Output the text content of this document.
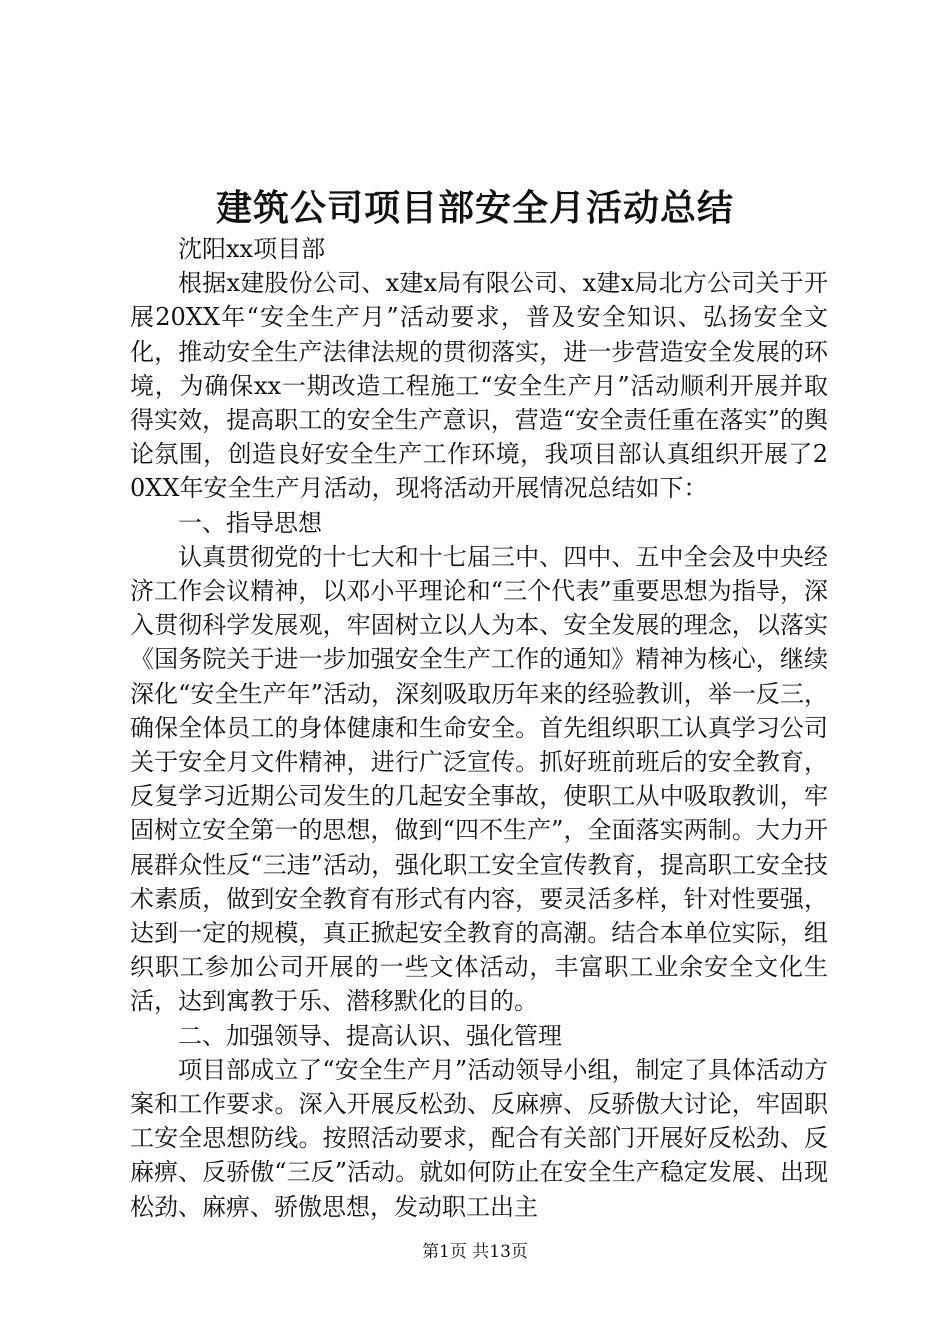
建筑公司项目部安全月活动总结

沈阳xx项目部

根据x建股份公司、x建x局有限公司、x建x局北方公司关于开展20XX年“安全生产月”活动要求，普及安全知识、弘扬安全文化，推动安全生产法律法规的贯彻落实，进一步营造安全发展的环境，为确保xx一期改造工程施工“安全生产月”活动顺利开展并取得实效，提高职工的安全生产意识，营造“安全责任重在落实”的舆论氛围，创造良好安全生产工作环境，我项目部认真组织开展了20XX年安全生产月活动，现将活动开展情况总结如下：

一、指导思想

认真贯彻党的十七大和十七届三中、四中、五中全会及中央经济工作会议精神，以邓小平理论和“三个代表”重要思想为指导，深入贯彻科学发展观，牢固树立以人为本、安全发展的理念，以落实《国务院关于进一步加强安全生产工作的通知》精神为核心，继续深化“安全生产年”活动，深刻吸取历年来的经验教训，举一反三，确保全体员工的身体健康和生命安全。首先组织职工认真学习公司关于安全月文件精神，进行广泛宣传。抓好班前班后的安全教育，反复学习近期公司发生的几起安全事故，使职工从中吸取教训，牢固树立安全第一的思想，做到“四不生产”，全面落实两制。大力开展群众性反“三违”活动，强化职工安全宣传教育，提高职工安全技术素质，做到安全教育有形式有内容，要灵活多样，针对性要强，达到一定的规模，真正掀起安全教育的高潮。结合本单位实际，组织职工参加公司开展的一些文体活动，丰富职工业余安全文化生活，达到寓教于乐、潜移默化的目的。

二、加强领导、提高认识、强化管理

项目部成立了“安全生产月”活动领导小组，制定了具体活动方案和工作要求。深入开展反松劲、反麻痹、反骄傲大讨论，牢固职工安全思想防线。按照活动要求，配合有关部门开展好反松劲、反麻痹、反骄傲“三反”活动。就如何防止在安全生产稳定发展、出现松劲、麻痹、骄傲思想，发动职工出主

第1页 共13页
